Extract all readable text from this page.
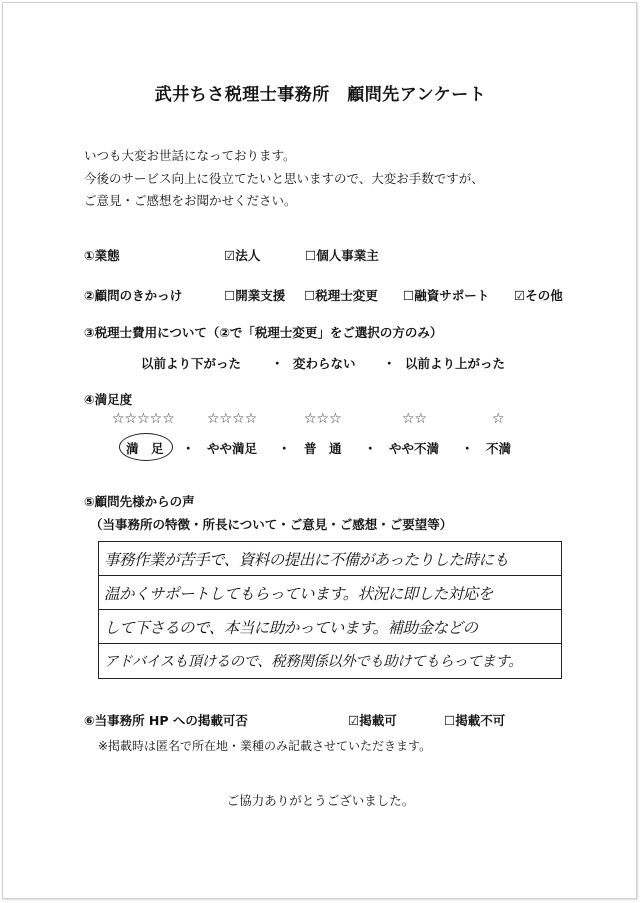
武井ちさ税理士事務所　顧問先アンケート
いつも大変お世話になっております。
今後のサービス向上に役立てたいと思いますので、大変お手数ですが、
ご意見・ご感想をお聞かせください。
①業態	☑法人	☐個人事業主
②顧問のきかっけ	☐開業支援 ☐税理士変更 ☐融資サポート ☑その他
③税理士費用について（②で「税理士変更」をご選択の方のみ）
以前より下がった ・ 変わらない ・ 以前より上がった
④満足度
☆☆☆☆☆ ☆☆☆☆	☆☆☆	☆☆	☆
満　足 ・ やや満足 ・ 普　通 ・ やや不満 ・ 不満
⑤顧問先様からの声
（当事務所の特徴・所長について・ご意見・ご感想・ご要望等）
事務作業が苦手で、資料の提出に不備があったりした時にも
温かくサポートしてもらっています。状況に即した対応を
して下さるので、本当に助かっています。補助金などの
アドバイスも頂けるので、税務関係以外でも助けてもらってます。
⑥当事務所 HP への掲載可否	☑掲載可	☐掲載不可
※掲載時は匿名で所在地・業種のみ記載させていただきます。
ご協力ありがとうございました。
